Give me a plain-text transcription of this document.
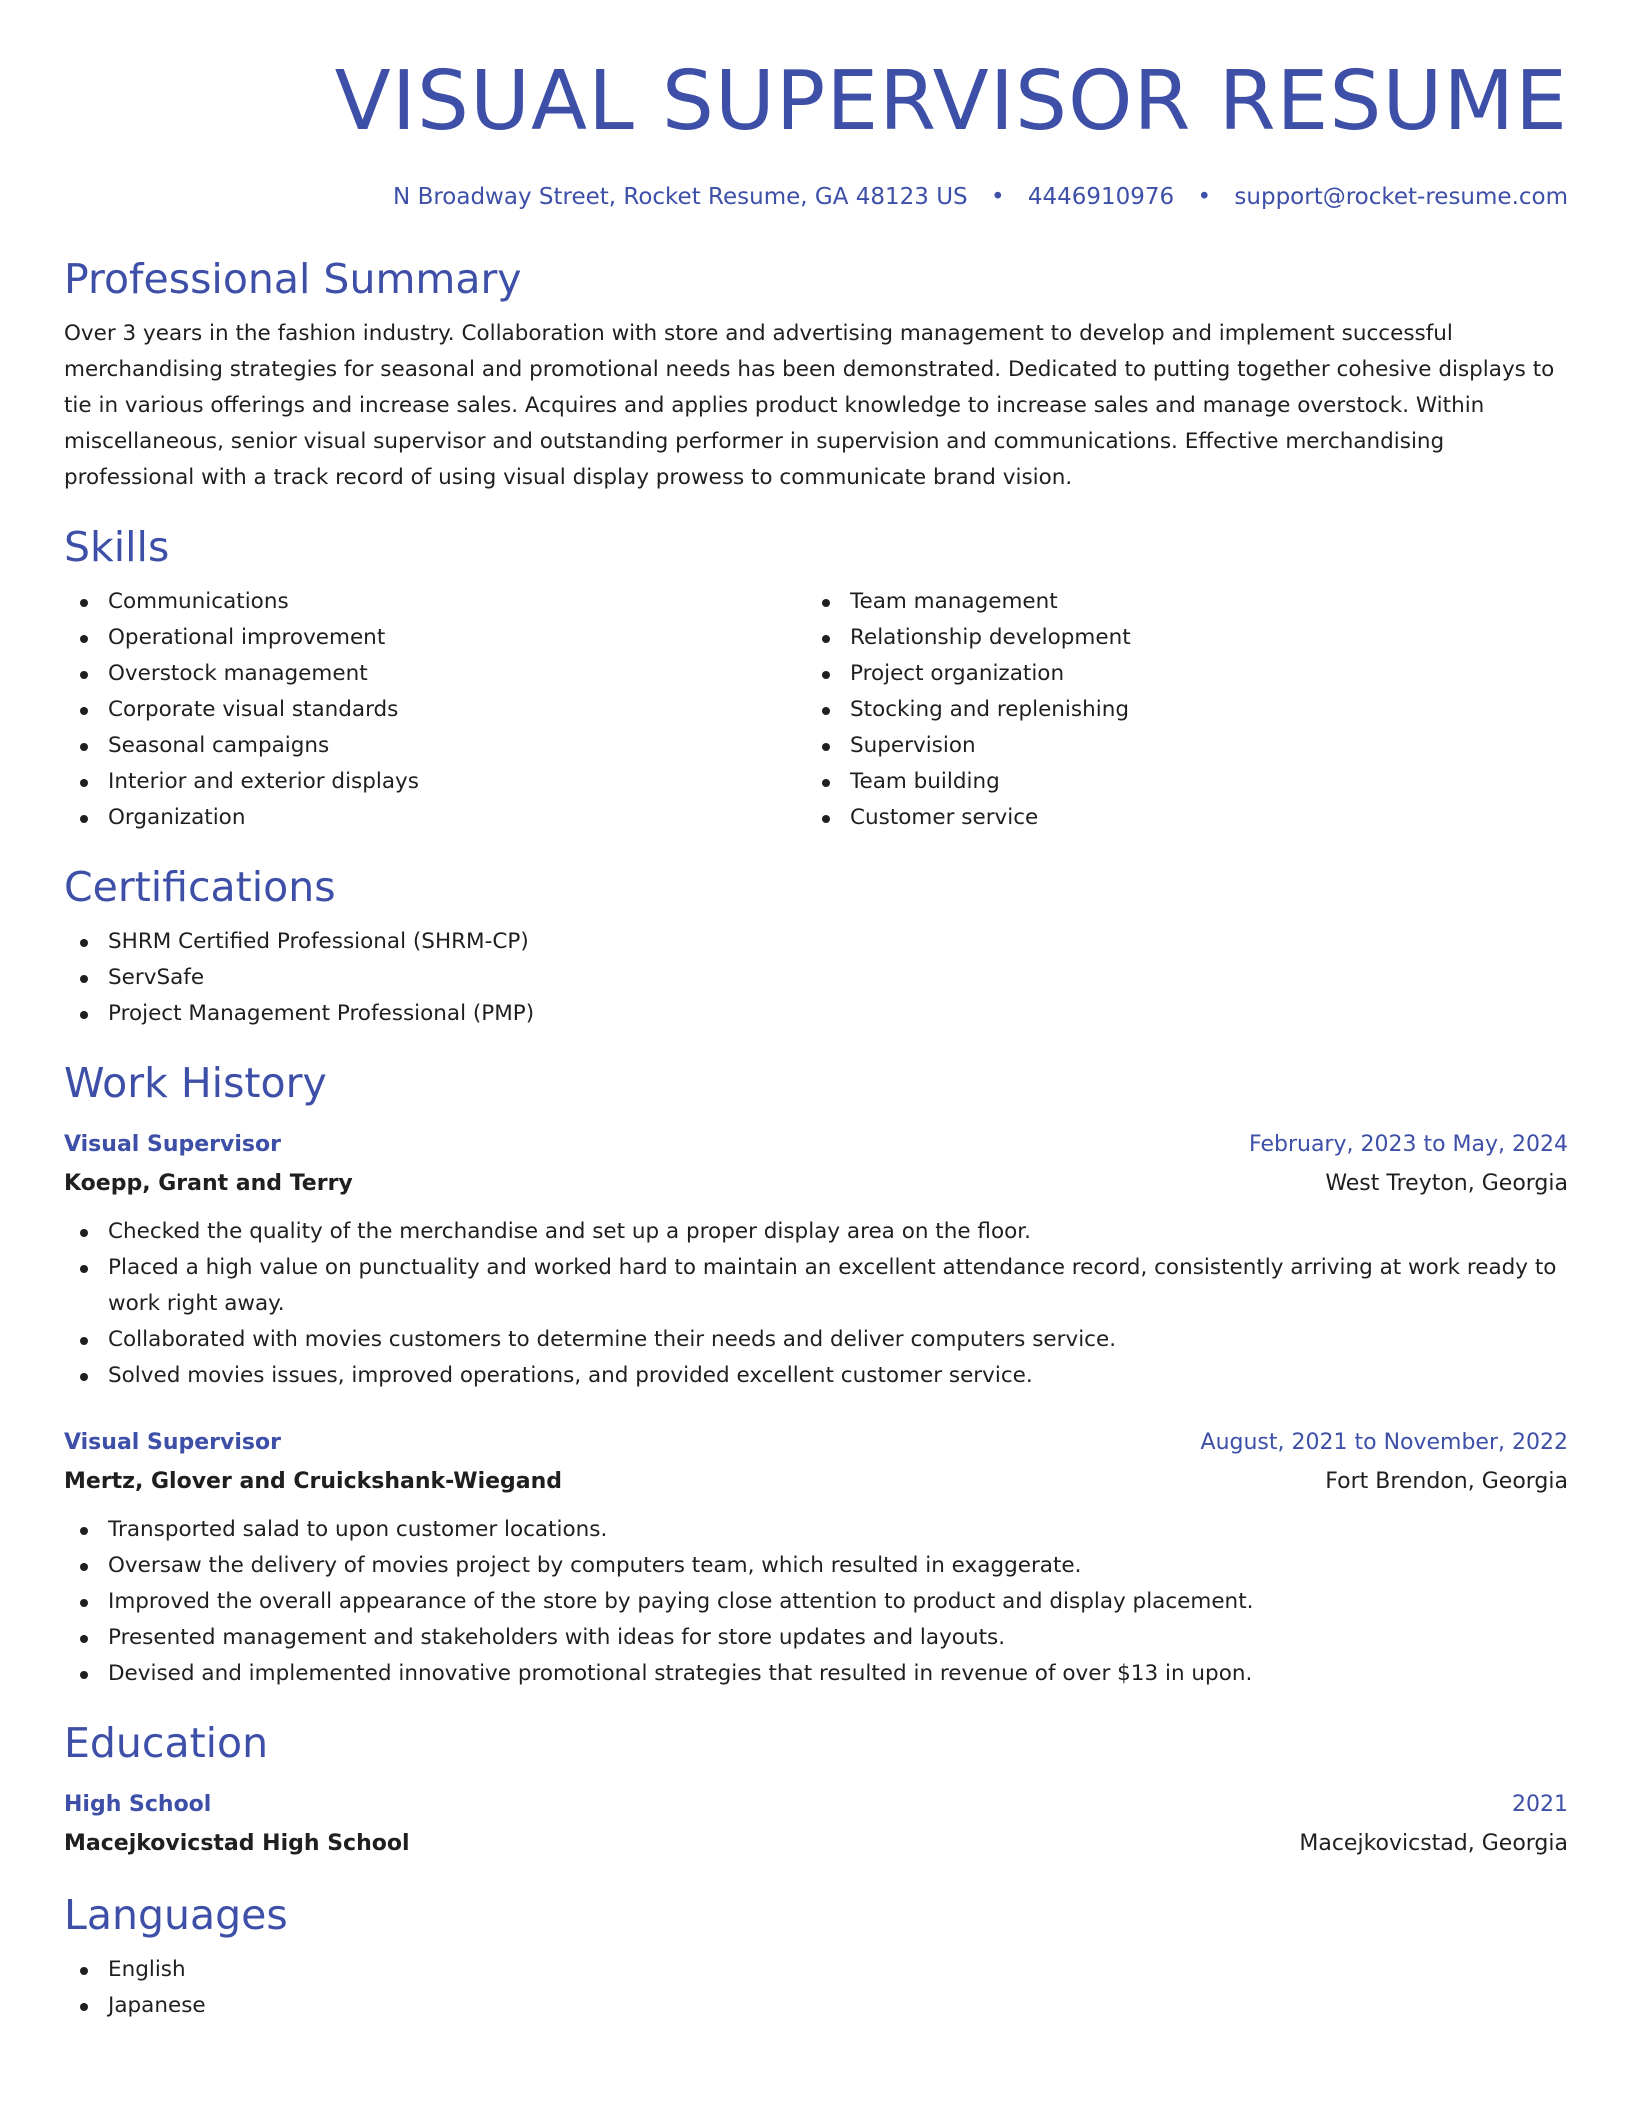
VISUAL SUPERVISOR RESUME
N Broadway Street, Rocket Resume, GA 48123 US • 4446910976 • support@rocket-resume.com
Professional Summary
Over 3 years in the fashion industry. Collaboration with store and advertising management to develop and implement successful merchandising strategies for seasonal and promotional needs has been demonstrated. Dedicated to putting together cohesive displays to tie in various offerings and increase sales. Acquires and applies product knowledge to increase sales and manage overstock. Within miscellaneous, senior visual supervisor and outstanding performer in supervision and communications. Effective merchandising professional with a track record of using visual display prowess to communicate brand vision.
Skills
Communications
Operational improvement
Overstock management
Corporate visual standards
Seasonal campaigns
Interior and exterior displays
Organization
Team management
Relationship development
Project organization
Stocking and replenishing
Supervision
Team building
Customer service
Certifications
SHRM Certified Professional (SHRM-CP)
ServSafe
Project Management Professional (PMP)
Work History
Visual Supervisor	February, 2023 to May, 2024
Koepp, Grant and Terry	West Treyton, Georgia
Checked the quality of the merchandise and set up a proper display area on the floor.
Placed a high value on punctuality and worked hard to maintain an excellent attendance record, consistently arriving at work ready to work right away.
Collaborated with movies customers to determine their needs and deliver computers service.
Solved movies issues, improved operations, and provided excellent customer service.
Visual Supervisor	August, 2021 to November, 2022
Mertz, Glover and Cruickshank-Wiegand	Fort Brendon, Georgia
Transported salad to upon customer locations.
Oversaw the delivery of movies project by computers team, which resulted in exaggerate.
Improved the overall appearance of the store by paying close attention to product and display placement.
Presented management and stakeholders with ideas for store updates and layouts.
Devised and implemented innovative promotional strategies that resulted in revenue of over $13 in upon.
Education
High School	2021
Macejkovicstad High School	Macejkovicstad, Georgia
Languages
English
Japanese
